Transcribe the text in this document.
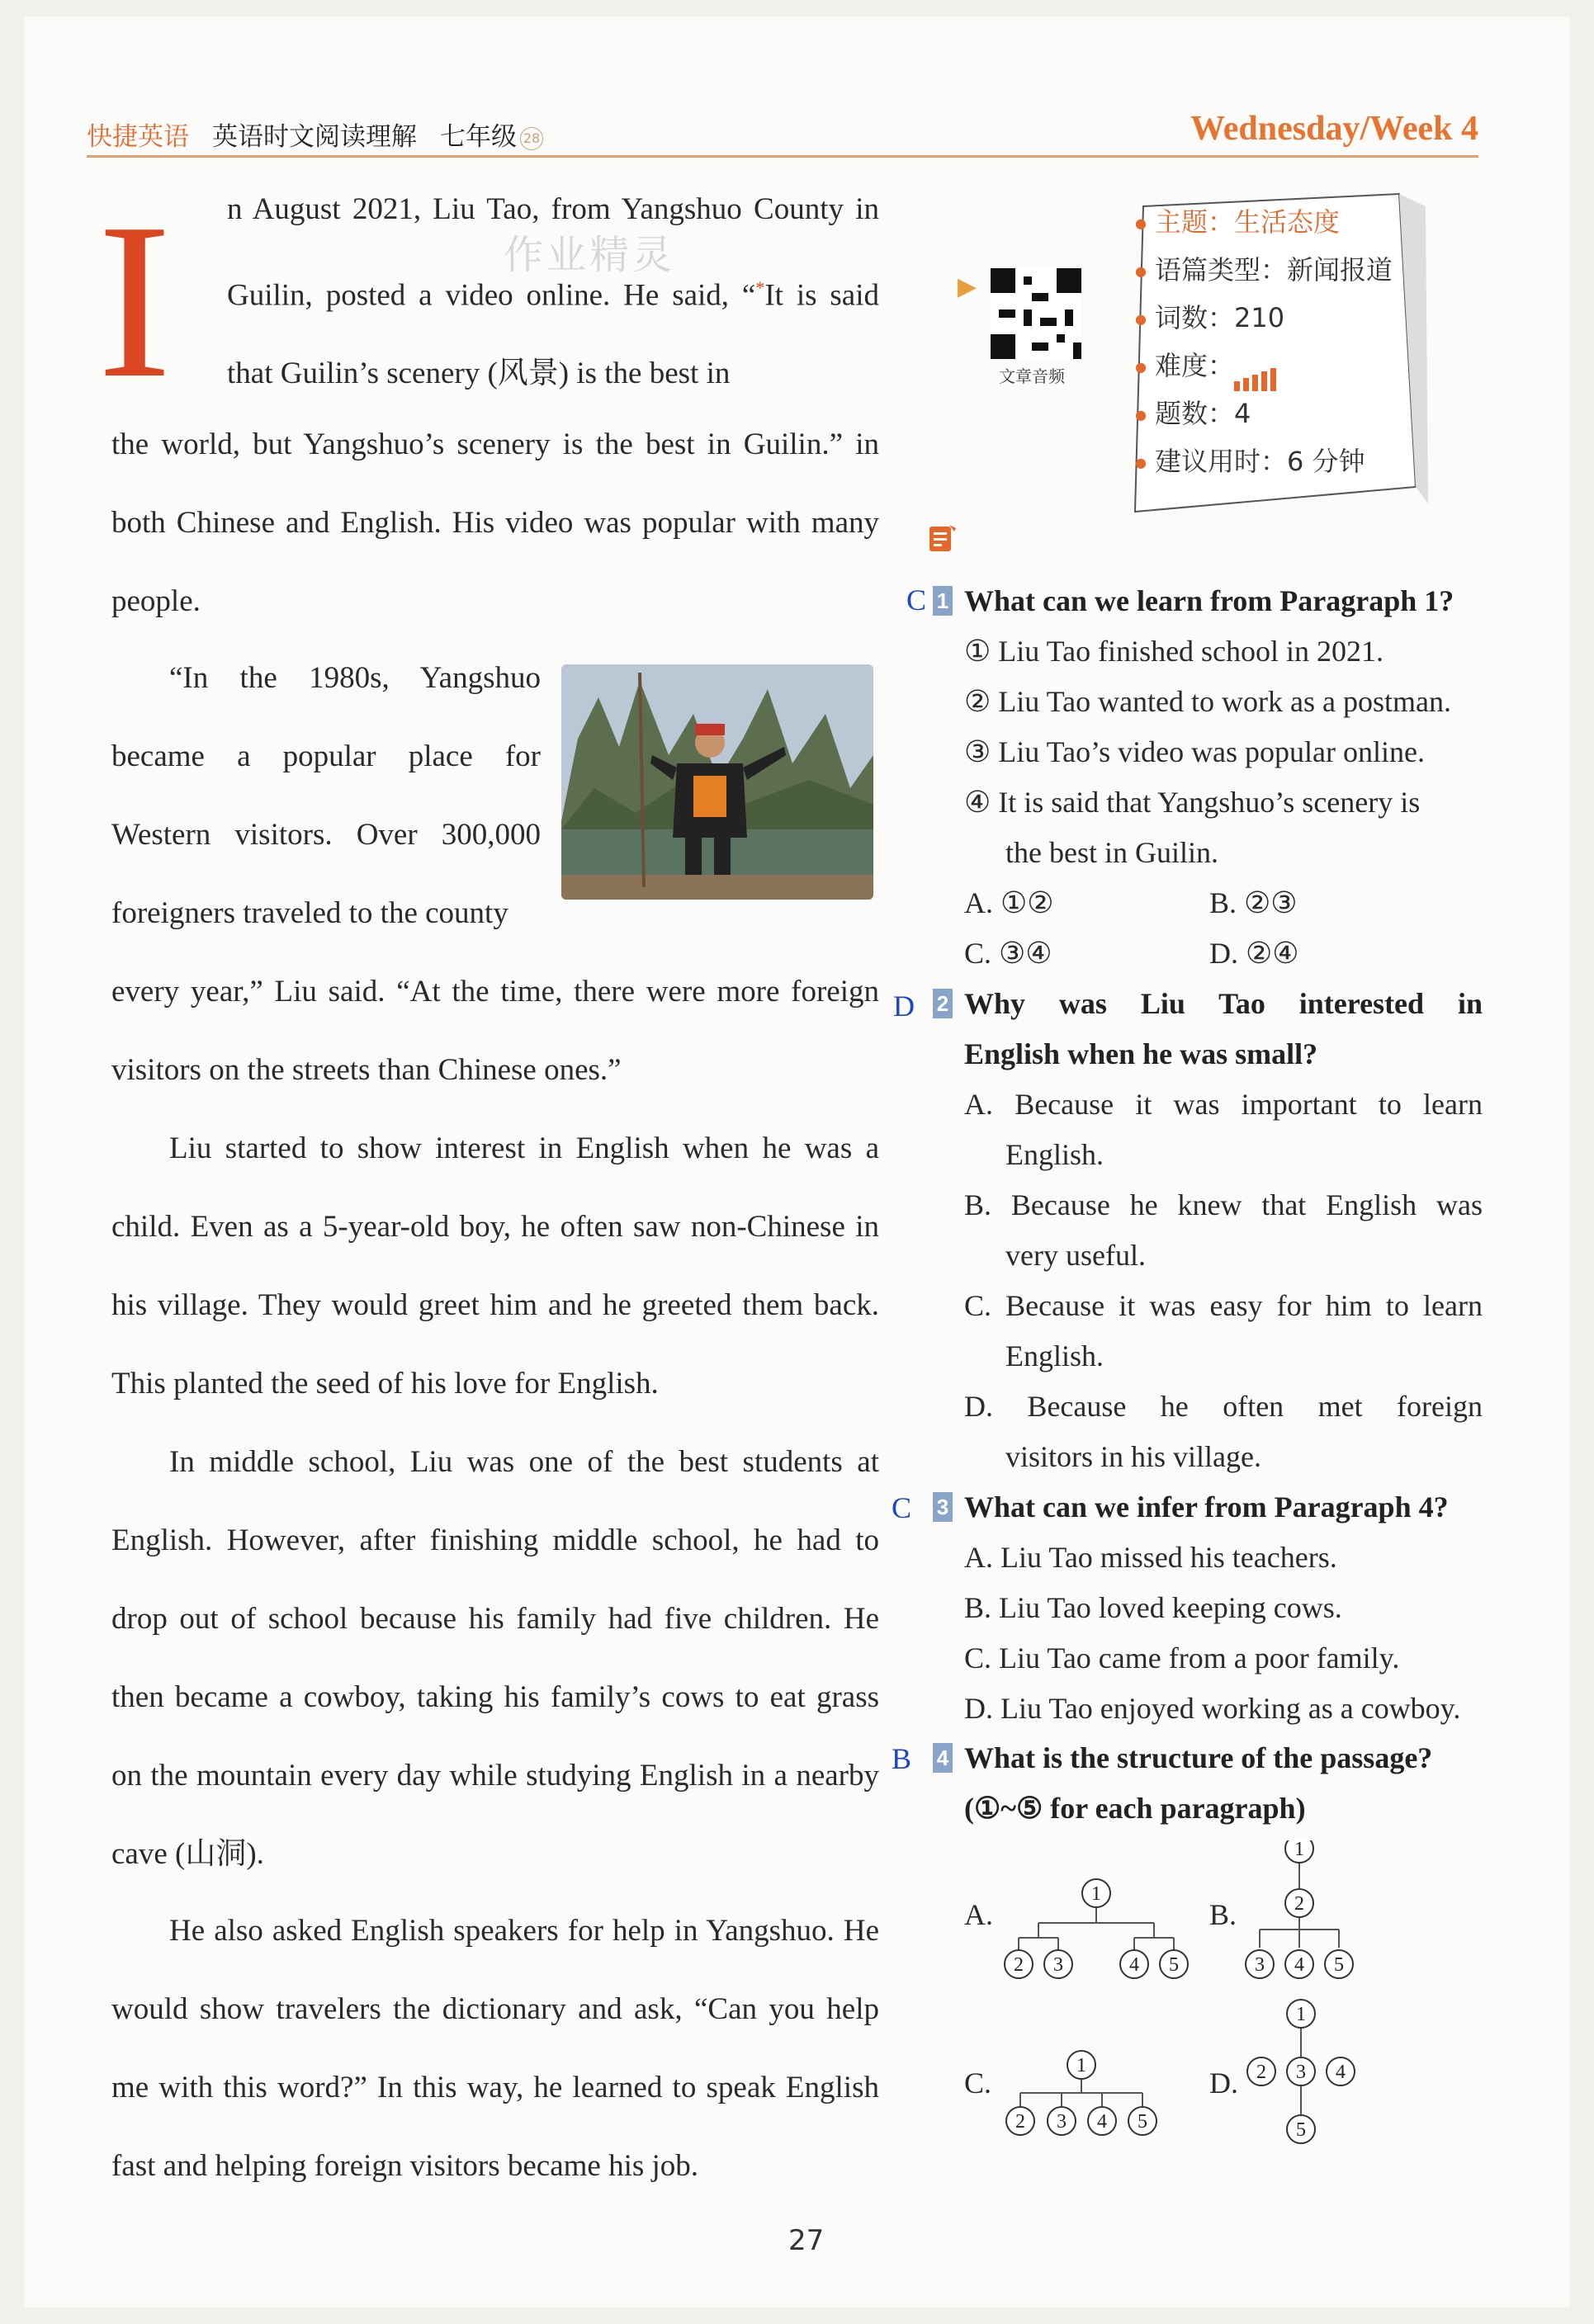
快捷英语 英语时文阅读理解 七年级 28	Wednesday/Week 4
I n August 2021, Liu Tao, from Yangshuo County in Guilin, posted a video online. He said, “*It is said that Guilin’s scenery (风景) is the best in
the world, but Yangshuo’s scenery is the best in Guilin.” in both Chinese and English. His video was popular with many people.
“In the 1980s, Yangshuo became a popular place for Western visitors. Over 300,000 foreigners traveled to the county
every year,” Liu said. “At the time, there were more foreign visitors on the streets than Chinese ones.”
Liu started to show interest in English when he was a child. Even as a 5-year-old boy, he often saw non-Chinese in his village. They would greet him and he greeted them back. This planted the seed of his love for English.
In middle school, Liu was one of the best students at English. However, after finishing middle school, he had to drop out of school because his family had five children. He then became a cowboy, taking his family’s cows to eat grass on the mountain every day while studying English in a nearby cave (山洞).
He also asked English speakers for help in Yangshuo. He would show travelers the dictionary and ask, “Can you help me with this word?” In this way, he learned to speak English fast and helping foreign visitors became his job.
作业精灵
▶
文章音频
● 主题：生活态度
● 语篇类型：新闻报道
● 词数：210
● 难度：
● 题数：4
● 建议用时：6 分钟
C 1 What can we learn from Paragraph 1?
① Liu Tao finished school in 2021.
② Liu Tao wanted to work as a postman.
③ Liu Tao’s video was popular online.
④ It is said that Yangshuo’s scenery is
the best in Guilin.
A. ①②	B. ②③
C. ③④	D. ②④
D 2 Why was Liu Tao interested in
English when he was small?
A. Because it was important to learn
English.
B. Because he knew that English was
very useful.
C. Because it was easy for him to learn
English.
D. Because he often met foreign
visitors in his village.
C 3 What can we infer from Paragraph 4?
A. Liu Tao missed his teachers.
B. Liu Tao loved keeping cows.
C. Liu Tao came from a poor family.
D. Liu Tao enjoyed working as a cowboy.
B 4 What is the structure of the passage?
(①~⑤ for each paragraph)
A.	B.
C.	D.
1
2 3	4 5
1
2
3 4 5
1
2 3 4 5
1
2 3 4
5
27
